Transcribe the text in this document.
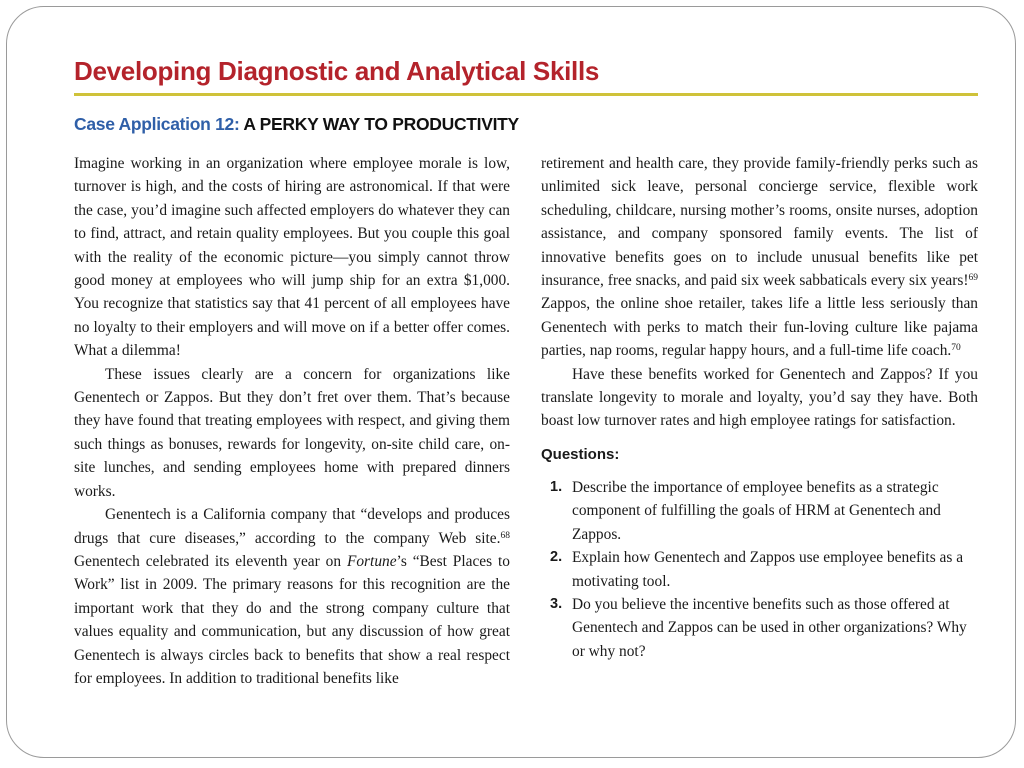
Developing Diagnostic and Analytical Skills
Case Application 12: A PERKY WAY TO PRODUCTIVITY

Imagine working in an organization where employee morale is low, turnover is high, and the costs of hiring are astronomical. If that were the case, you’d imagine such affected employers do whatever they can to find, attract, and retain quality employees. But you couple this goal with the reality of the economic picture—you simply cannot throw good money at employees who will jump ship for an extra $1,000. You recognize that statistics say that 41 percent of all employees have no loyalty to their employers and will move on if a better offer comes. What a dilemma!

These issues clearly are a concern for organizations like Genentech or Zappos. But they don’t fret over them. That’s because they have found that treating employees with respect, and giving them such things as bonuses, rewards for longevity, on-site child care, on-site lunches, and sending employees home with prepared dinners works.

Genentech is a California company that “develops and produces drugs that cure diseases,” according to the company Web site.$^{68}$ Genentech celebrated its eleventh year on Fortune’s “Best Places to Work” list in 2009. The primary reasons for this recognition are the important work that they do and the strong company culture that values equality and communication, but any discussion of how great Genentech is always circles back to benefits that show a real respect for employees. In addition to traditional benefits like

retirement and health care, they provide family-friendly perks such as unlimited sick leave, personal concierge service, flexible work scheduling, childcare, nursing mother’s rooms, onsite nurses, adoption assistance, and company sponsored family events. The list of innovative benefits goes on to include unusual benefits like pet insurance, free snacks, and paid six week sabbaticals every six years!$^{69}$ Zappos, the online shoe retailer, takes life a little less seriously than Genentech with perks to match their fun-loving culture like pajama parties, nap rooms, regular happy hours, and a full-time life coach.$^{70}$

Have these benefits worked for Genentech and Zappos? If you translate longevity to morale and loyalty, you’d say they have. Both boast low turnover rates and high employee ratings for satisfaction.

Questions:
1. Describe the importance of employee benefits as a strategic component of fulfilling the goals of HRM at Genentech and Zappos.
2. Explain how Genentech and Zappos use employee benefits as a motivating tool.
3. Do you believe the incentive benefits such as those offered at Genentech and Zappos can be used in other organizations? Why or why not?
